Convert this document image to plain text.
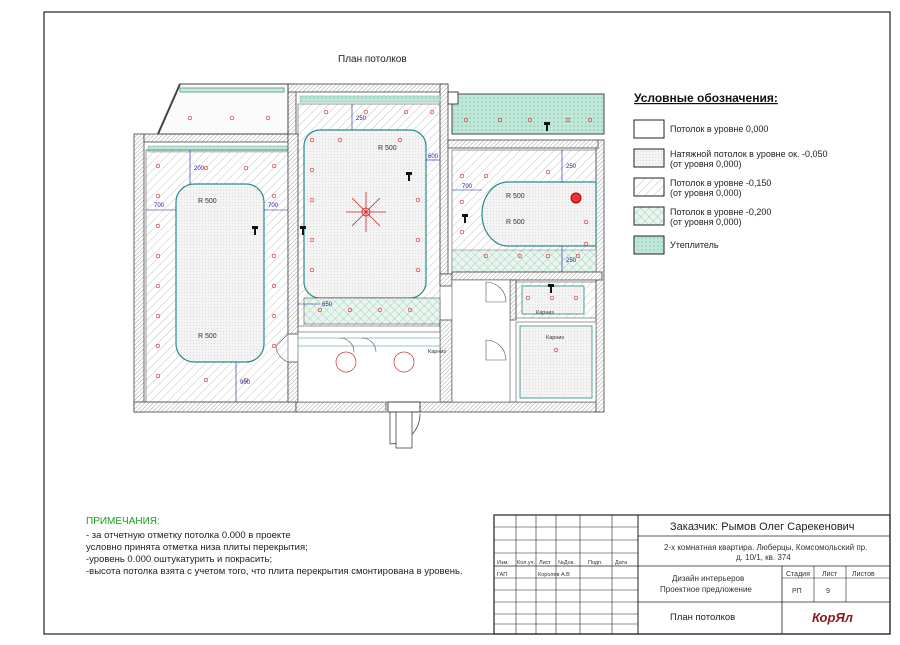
План потолков
700	700
200
900
250
600
650
700
250
250
R 500
R 500
R 500
R 500
R 500
Карниз
Карниз
Карниз
Условные обозначения:
Потолок в уровне 0,000
Натяжной потолок в уровне ок. -0,050
(от уровня 0,000)
Потолок в уровне -0,150
(от уровня 0,000)
Потолок в уровне -0,200
(от уровня 0,000)
Утеплитель
ПРИМЕЧАНИЯ:
- за отчетную отметку потолка 0.000 в проекте
условно принята отметка низа плиты перекрытия;
-уровень 0.000 оштукатурить и покрасить;
-высота потолка взята с учетом того, что плита перекрытия смонтирована в уровень.
Заказчик: Рымов Олег Сарекенович
2-х комнатная квартира. Люберцы, Комсомольский пр.
д. 10/1, кв. 374
Изм. Кол.уч. Лист №Док. Подп. Дата
ГАП	Королев А.В	Дизайн интерьеров
Проектное предложение
Стадия Лист Листов
РП	9
План потолков	КорЯл
